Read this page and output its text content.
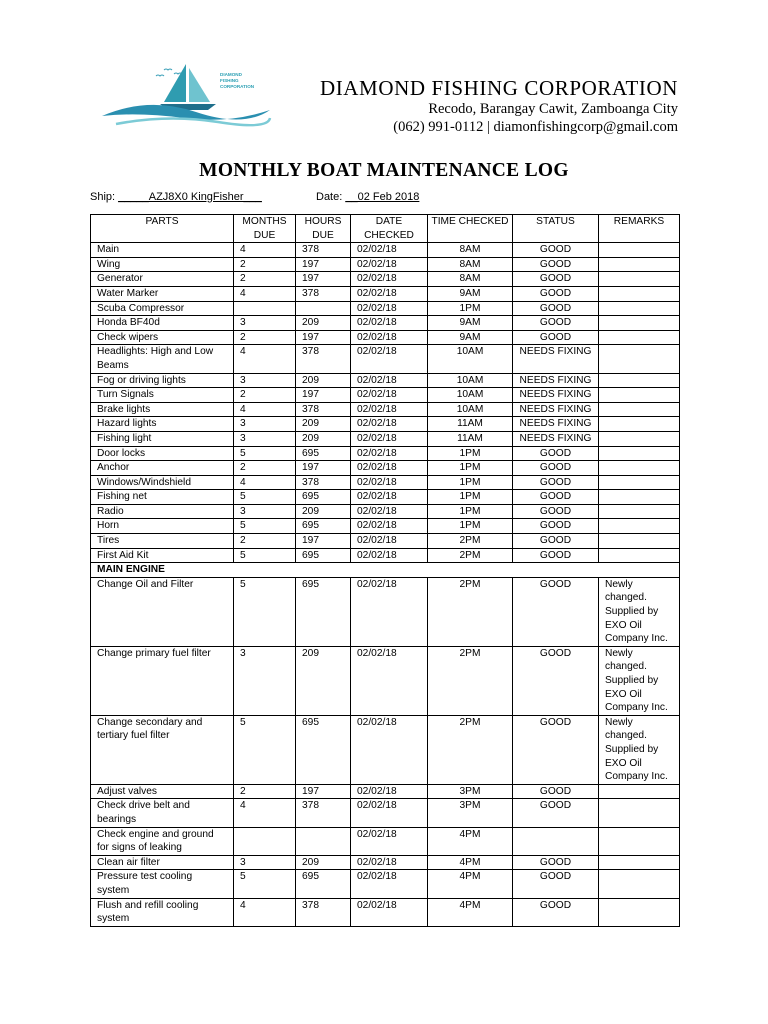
DIAMOND
FISHING
CORPORATION	DIAMOND FISHING CORPORATION
Recodo, Barangay Cawit, Zamboanga City
(062) 991-0112 | diamonfishingcorp@gmail.com
MONTHLY BOAT MAINTENANCE LOG
Ship: _____AZJ8X0 KingFisher___	Date: __02 Feb 2018
PARTS	MONTHS DUE	HOURS DUE	DATE CHECKED	TIME CHECKED	STATUS	REMARKS
Main	4	378	02/02/18	8AM	GOOD	
Wing	2	197	02/02/18	8AM	GOOD	
Generator	2	197	02/02/18	8AM	GOOD	
Water Marker	4	378	02/02/18	9AM	GOOD	
Scuba Compressor			02/02/18	1PM	GOOD	
Honda BF40d	3	209	02/02/18	9AM	GOOD	
Check wipers	2	197	02/02/18	9AM	GOOD	
Headlights: High and Low Beams	4	378	02/02/18	10AM	NEEDS FIXING	
Fog or driving lights	3	209	02/02/18	10AM	NEEDS FIXING	
Turn Signals	2	197	02/02/18	10AM	NEEDS FIXING	
Brake lights	4	378	02/02/18	10AM	NEEDS FIXING	
Hazard lights	3	209	02/02/18	11AM	NEEDS FIXING	
Fishing light	3	209	02/02/18	11AM	NEEDS FIXING	
Door locks	5	695	02/02/18	1PM	GOOD	
Anchor	2	197	02/02/18	1PM	GOOD	
Windows/Windshield	4	378	02/02/18	1PM	GOOD	
Fishing net	5	695	02/02/18	1PM	GOOD	
Radio	3	209	02/02/18	1PM	GOOD	
Horn	5	695	02/02/18	1PM	GOOD	
Tires	2	197	02/02/18	2PM	GOOD	
First Aid Kit	5	695	02/02/18	2PM	GOOD	
MAIN ENGINE						
Change Oil and Filter	5	695	02/02/18	2PM	GOOD	Newly changed. Supplied by EXO Oil Company Inc.
Change primary fuel filter	3	209	02/02/18	2PM	GOOD	Newly changed. Supplied by EXO Oil Company Inc.
Change secondary and tertiary fuel filter	5	695	02/02/18	2PM	GOOD	Newly changed. Supplied by EXO Oil Company Inc.
Adjust valves	2	197	02/02/18	3PM	GOOD	
Check drive belt and bearings	4	378	02/02/18	3PM	GOOD	
Check engine and ground for signs of leaking			02/02/18	4PM		
Clean air filter	3	209	02/02/18	4PM	GOOD	
Pressure test cooling system	5	695	02/02/18	4PM	GOOD	
Flush and refill cooling system	4	378	02/02/18	4PM	GOOD	
